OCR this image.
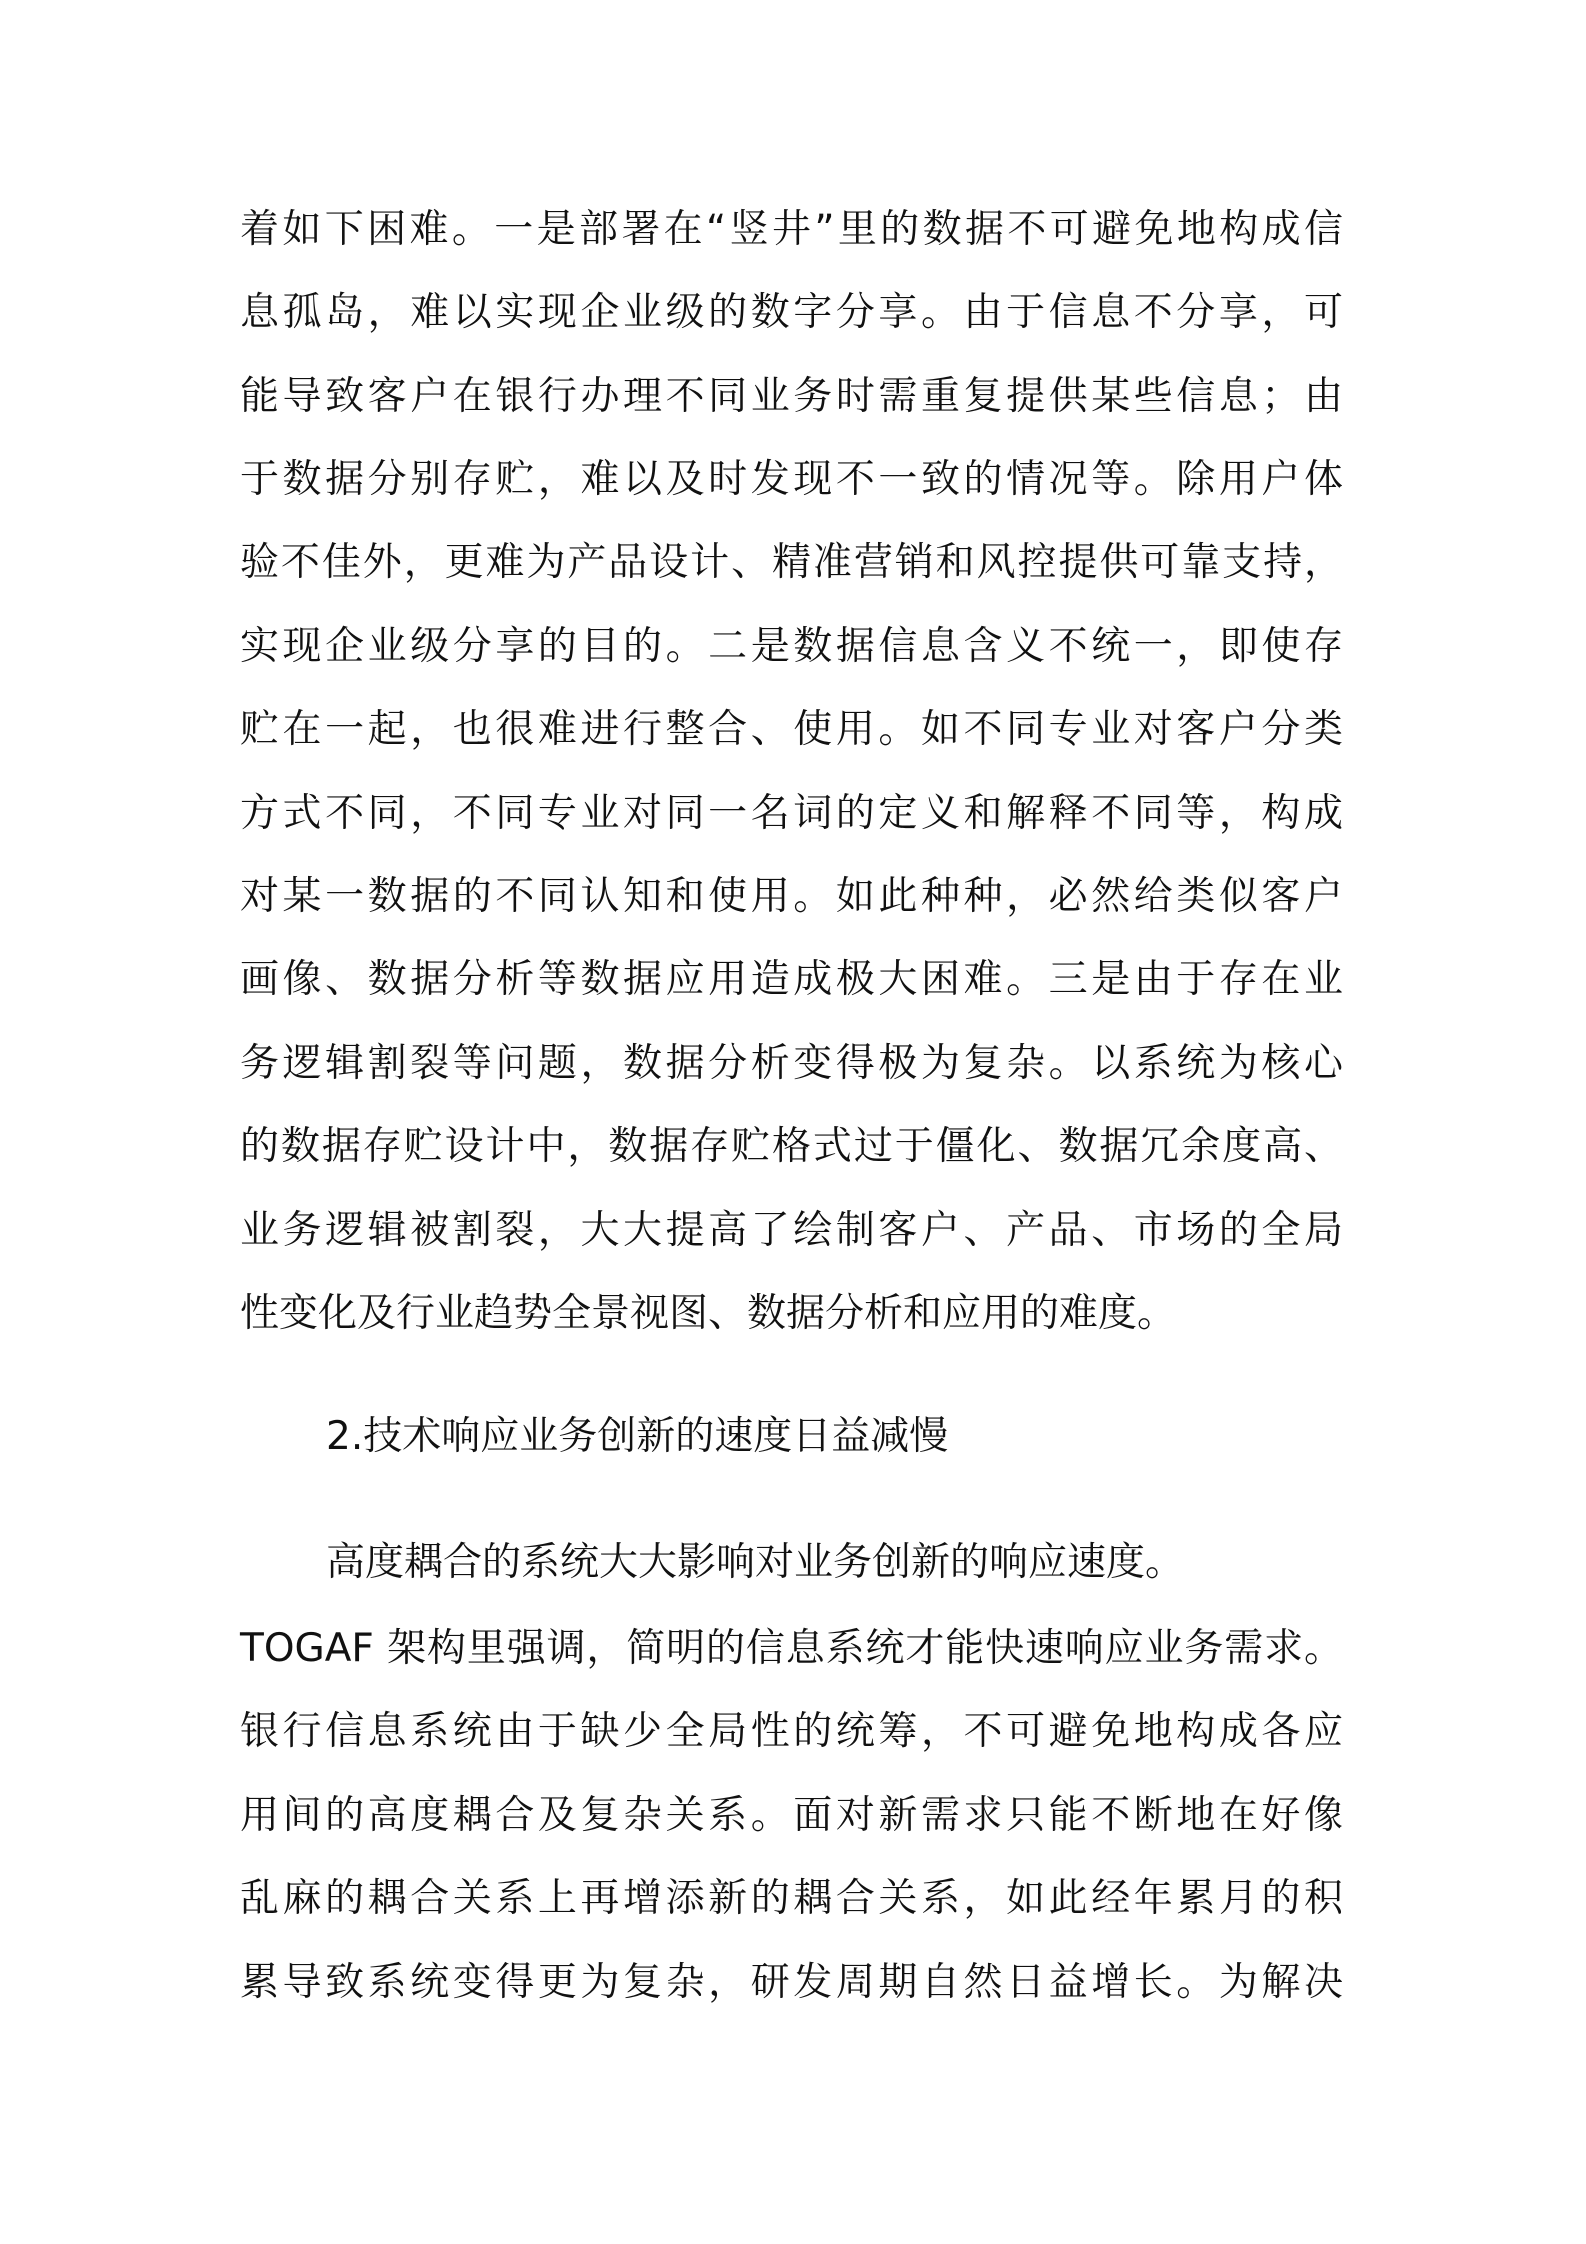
着如下困难。一是部署在“竖井”里的数据不可避免地构成信
息孤岛，难以实现企业级的数字分享。由于信息不分享，可
能导致客户在银行办理不同业务时需重复提供某些信息；由
于数据分别存贮，难以及时发现不一致的情况等。除用户体
验不佳外，更难为产品设计、精准营销和风控提供可靠支持，
实现企业级分享的目的。二是数据信息含义不统一，即使存
贮在一起，也很难进行整合、使用。如不同专业对客户分类
方式不同，不同专业对同一名词的定义和解释不同等，构成
对某一数据的不同认知和使用。如此种种，必然给类似客户
画像、数据分析等数据应用造成极大困难。三是由于存在业
务逻辑割裂等问题，数据分析变得极为复杂。以系统为核心
的数据存贮设计中，数据存贮格式过于僵化、数据冗余度高、
业务逻辑被割裂，大大提高了绘制客户、产品、市场的全局
性变化及行业趋势全景视图、数据分析和应用的难度。
2.技术响应业务创新的速度日益减慢
高度耦合的系统大大影响对业务创新的响应速度。
TOGAF 架构里强调，简明的信息系统才能快速响应业务需求。
银行信息系统由于缺少全局性的统筹，不可避免地构成各应
用间的高度耦合及复杂关系。面对新需求只能不断地在好像
乱麻的耦合关系上再增添新的耦合关系，如此经年累月的积
累导致系统变得更为复杂，研发周期自然日益增长。为解决
